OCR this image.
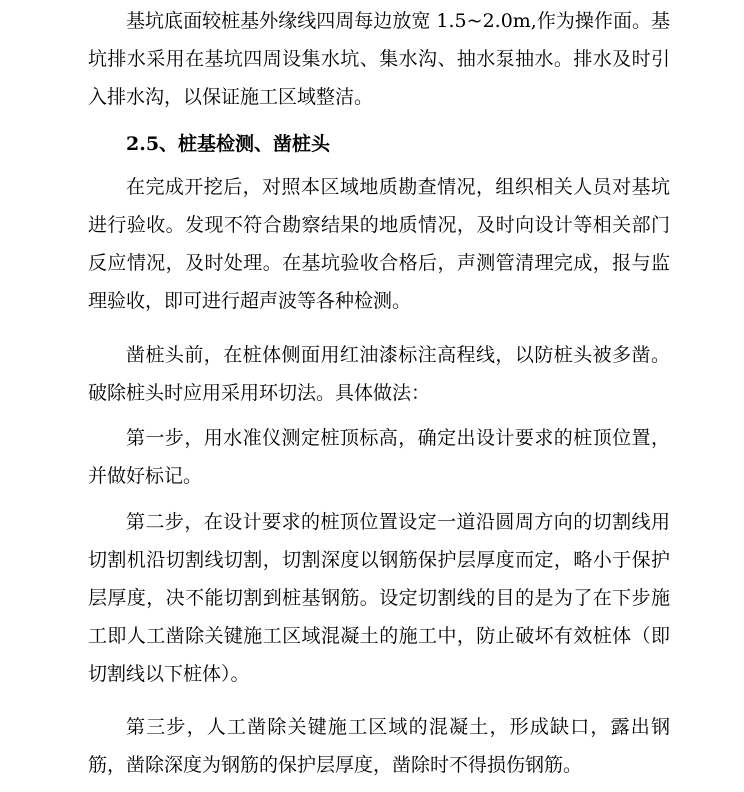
基坑底面较桩基外缘线四周每边放宽 1.5~2.0m,作为操作面。基坑排水采用在基坑四周设集水坑、集水沟、抽水泵抽水。排水及时引入排水沟，以保证施工区域整洁。

2.5、桩基检测、凿桩头

在完成开挖后，对照本区域地质勘查情况，组织相关人员对基坑进行验收。发现不符合勘察结果的地质情况，及时向设计等相关部门反应情况，及时处理。在基坑验收合格后，声测管清理完成，报与监理验收，即可进行超声波等各种检测。

凿桩头前，在桩体侧面用红油漆标注高程线，以防桩头被多凿。破除桩头时应用采用环切法。具体做法：

第一步，用水准仪测定桩顶标高，确定出设计要求的桩顶位置，并做好标记。

第二步，在设计要求的桩顶位置设定一道沿圆周方向的切割线用切割机沿切割线切割，切割深度以钢筋保护层厚度而定，略小于保护层厚度，决不能切割到桩基钢筋。设定切割线的目的是为了在下步施工即人工凿除关键施工区域混凝土的施工中，防止破坏有效桩体（即切割线以下桩体）。

第三步，人工凿除关键施工区域的混凝土，形成缺口，露出钢筋，凿除深度为钢筋的保护层厚度，凿除时不得损伤钢筋。
